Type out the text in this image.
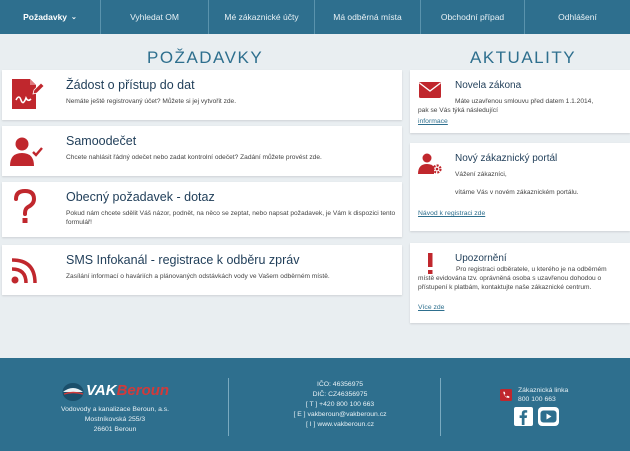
Požadavky ⌄	Vyhledat OM	Mé zákaznické účty	Má odběrná místa	Obchodní případ	Odhlášení
POŽADAVKY	AKTUALITY
Žádost o přístup do dat
Nemáte ještě registrovaný účet? Můžete si jej vytvořit zde.
Samoodečet
Chcete nahlásit řádný odečet nebo zadat kontrolní odečet? Zadání můžete provést zde.
Obecný požadavek - dotaz
Pokud nám chcete sdělit Váš názor, podnět, na něco se zeptat, nebo napsat požadavek, je Vám k dispozici tento formulář!
SMS Infokanál - registrace k odběru zpráv
Zasílání informací o haváriích a plánovaných odstávkách vody ve Vašem odběrném místě.
Novela zákona
Máte uzavřenou smlouvu před datem 1.1.2014,
pak se Vás týká následující
informace
Nový zákaznický portál
Vážení zákazníci,
vítáme Vás v novém zákaznickém portálu.
Návod k registraci zde
Upozornění
Pro registraci odběratele, u kterého je na odběrném místě evidována tzv. oprávněná osoba s uzavřenou dohodou o přístupení k platbám, kontaktujte naše zákaznické centrum.
Více zde
VAKBeroun
Vodovody a kanalizace Beroun, a.s.
Mostníkovská 255/3
26601 Beroun
IČO: 46356975
DIČ: CZ46356975
[ T ] +420 800 100 663
[ E ] vakberoun@vakberoun.cz
[ I ] www.vakberoun.cz
Zákaznická linka
800 100 663
